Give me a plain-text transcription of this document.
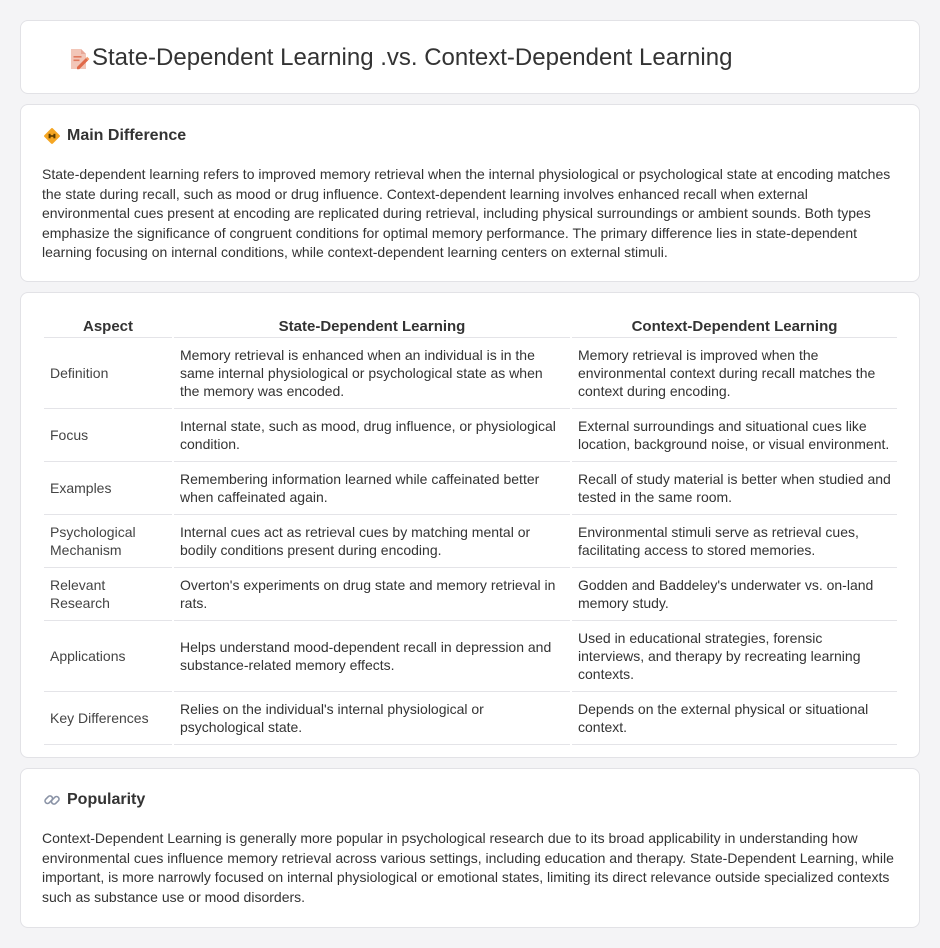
State-Dependent Learning .vs. Context-Dependent Learning
Main Difference

State-dependent learning refers to improved memory retrieval when the internal physiological or psychological state at encoding matches the state during recall, such as mood or drug influence. Context-dependent learning involves enhanced recall when external environmental cues present at encoding are replicated during retrieval, including physical surroundings or ambient sounds. Both types emphasize the significance of congruent conditions for optimal memory performance. The primary difference lies in state-dependent learning focusing on internal conditions, while context-dependent learning centers on external stimuli.

Aspect	State-Dependent Learning	Context-Dependent Learning
Definition	Memory retrieval is enhanced when an individual is in the same internal physiological or psychological state as when the memory was encoded.	Memory retrieval is improved when the environmental context during recall matches the context during encoding.
Focus	Internal state, such as mood, drug influence, or physiological condition.	External surroundings and situational cues like location, background noise, or visual environment.
Examples	Remembering information learned while caffeinated better when caffeinated again.	Recall of study material is better when studied and tested in the same room.
Psychological Mechanism	Internal cues act as retrieval cues by matching mental or bodily conditions present during encoding.	Environmental stimuli serve as retrieval cues, facilitating access to stored memories.
Relevant Research	Overton's experiments on drug state and memory retrieval in rats.	Godden and Baddeley's underwater vs. on-land memory study.
Applications	Helps understand mood-dependent recall in depression and substance-related memory effects.	Used in educational strategies, forensic interviews, and therapy by recreating learning contexts.
Key Differences	Relies on the individual's internal physiological or psychological state.	Depends on the external physical or situational context.
Popularity

Context-Dependent Learning is generally more popular in psychological research due to its broad applicability in understanding how environmental cues influence memory retrieval across various settings, including education and therapy. State-Dependent Learning, while important, is more narrowly focused on internal physiological or emotional states, limiting its direct relevance outside specialized contexts such as substance use or mood disorders.
